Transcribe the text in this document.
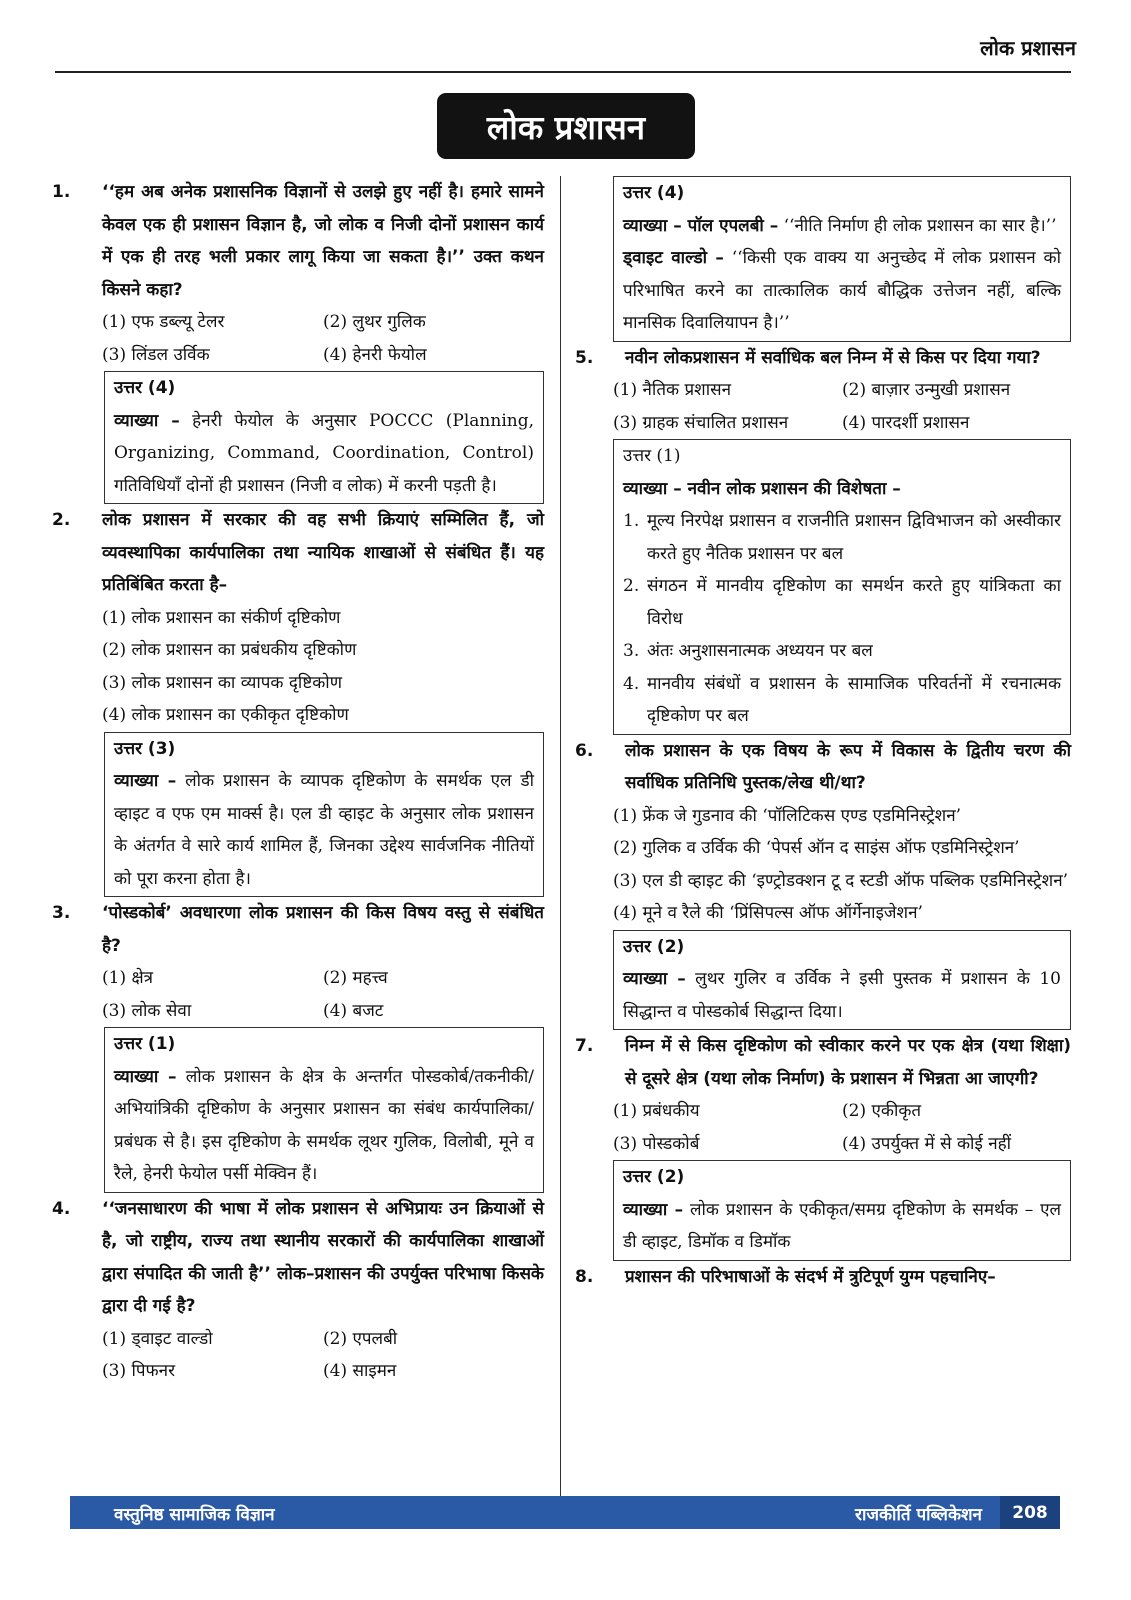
लोक प्रशासन
लोक प्रशासन
1.	‘‘हम अब अनेक प्रशासनिक विज्ञानों से उलझे हुए नहीं है। हमारे सामने केवल एक ही प्रशासन विज्ञान है, जो लोक व निजी दोनों प्रशासन कार्य में एक ही तरह भली प्रकार लागू किया जा सकता है।’’ उक्त कथन किसने कहा?
(1) एफ डब्ल्यू टेलर	(2) लुथर गुलिक
(3) लिंडल उर्विक	(4) हेनरी फेयोल
उत्तर (4)

व्याख्या – हेनरी फेयोल के अनुसार POCCC (Planning, Organizing, Command, Coordination, Control) गतिविधियाँ दोनों ही प्रशासन (निजी व लोक) में करनी पड़ती है।

2.	लोक प्रशासन में सरकार की वह सभी क्रियाएं सम्मिलित हैं, जो व्यवस्थापिका कार्यपालिका तथा न्यायिक शाखाओं से संबंधित हैं। यह प्रतिबिंबित करता है–
(1) लोक प्रशासन का संकीर्ण दृष्टिकोण
(2) लोक प्रशासन का प्रबंधकीय दृष्टिकोण
(3) लोक प्रशासन का व्यापक दृष्टिकोण
(4) लोक प्रशासन का एकीकृत दृष्टिकोण
उत्तर (3)

व्याख्या – लोक प्रशासन के व्यापक दृष्टिकोण के समर्थक एल डी व्हाइट व एफ एम मार्क्स है। एल डी व्हाइट के अनुसार लोक प्रशासन के अंतर्गत वे सारे कार्य शामिल हैं, जिनका उद्देश्य सार्वजनिक नीतियों को पूरा करना होता है।

3.	‘पोस्डकोर्ब’ अवधारणा लोक प्रशासन की किस विषय वस्तु से संबंधित है?
(1) क्षेत्र	(2) महत्त्व
(3) लोक सेवा	(4) बजट
उत्तर (1)

व्याख्या – लोक प्रशासन के क्षेत्र के अन्तर्गत पोस्डकोर्ब/तकनीकी/अभियांत्रिकी दृष्टिकोण के अनुसार प्रशासन का संबंध कार्यपालिका/प्रबंधक से है। इस दृष्टिकोण के समर्थक लूथर गुलिक, विलोबी, मूने व रैले, हेनरी फेयोल पर्सी मेक्विन हैं।

4.	‘‘जनसाधारण की भाषा में लोक प्रशासन से अभिप्रायः उन क्रियाओं से है, जो राष्ट्रीय, राज्य तथा स्थानीय सरकारों की कार्यपालिका शाखाओं द्वारा संपादित की जाती है’’ लोक–प्रशासन की उपर्युक्त परिभाषा किसके द्वारा दी गई है?
(1) ड्वाइट वाल्डो	(2) एपलबी
(3) पिफनर	(4) साइमन
उत्तर (4)

व्याख्या – पॉल एपलबी – ‘‘नीति निर्माण ही लोक प्रशासन का सार है।’’

ड्वाइट वाल्डो – ‘‘किसी एक वाक्य या अनुच्छेद में लोक प्रशासन को परिभाषित करने का तात्कालिक कार्य बौद्धिक उत्तेजन नहीं, बल्कि मानसिक दिवालियापन है।’’

5.	नवीन लोकप्रशासन में सर्वाधिक बल निम्न में से किस पर दिया गया?
(1) नैतिक प्रशासन	(2) बाज़ार उन्मुखी प्रशासन
(3) ग्राहक संचालित प्रशासन	(4) पारदर्शी प्रशासन
उत्तर (1)
व्याख्या – नवीन लोक प्रशासन की विशेषता –
1. मूल्य निरपेक्ष प्रशासन व राजनीति प्रशासन द्विविभाजन को अस्वीकार करते हुए नैतिक प्रशासन पर बल
2. संगठन में मानवीय दृष्टिकोण का समर्थन करते हुए यांत्रिकता का विरोध
3. अंतः अनुशासनात्मक अध्ययन पर बल
4. मानवीय संबंधों व प्रशासन के सामाजिक परिवर्तनों में रचनात्मक दृष्टिकोण पर बल
6.	लोक प्रशासन के एक विषय के रूप में विकास के द्वितीय चरण की सर्वाधिक प्रतिनिधि पुस्तक/लेख थी/था?
(1) फ्रेंक जे गुडनाव की ‘पॉलिटिकस एण्ड एडमिनिस्ट्रेशन’
(2) गुलिक व उर्विक की ‘पेपर्स ऑन द साइंस ऑफ एडमिनिस्ट्रेशन’
(3) एल डी व्हाइट की ‘इण्ट्रोडक्शन टू द स्टडी ऑफ पब्लिक एडमिनिस्ट्रेशन’
(4) मूने व रैले की ‘प्रिंसिपल्स ऑफ ऑर्गेनाइजेशन’
उत्तर (2)

व्याख्या – लुथर गुलिर व उर्विक ने इसी पुस्तक में प्रशासन के 10 सिद्धान्त व पोस्डकोर्ब सिद्धान्त दिया।

7.	निम्न में से किस दृष्टिकोण को स्वीकार करने पर एक क्षेत्र (यथा शिक्षा) से दूसरे क्षेत्र (यथा लोक निर्माण) के प्रशासन में भिन्नता आ जाएगी?
(1) प्रबंधकीय	(2) एकीकृत
(3) पोस्डकोर्ब	(4) उपर्युक्त में से कोई नहीं
उत्तर (2)

व्याख्या – लोक प्रशासन के एकीकृत/समग्र दृष्टिकोण के समर्थक – एल डी व्हाइट, डिमॉक व डिमॉक

8.	प्रशासन की परिभाषाओं के संदर्भ में त्रुटिपूर्ण युग्म पहचानिए–
वस्तुनिष्ठ सामाजिक विज्ञान	राजकीर्ति पब्लिकेशन	208
